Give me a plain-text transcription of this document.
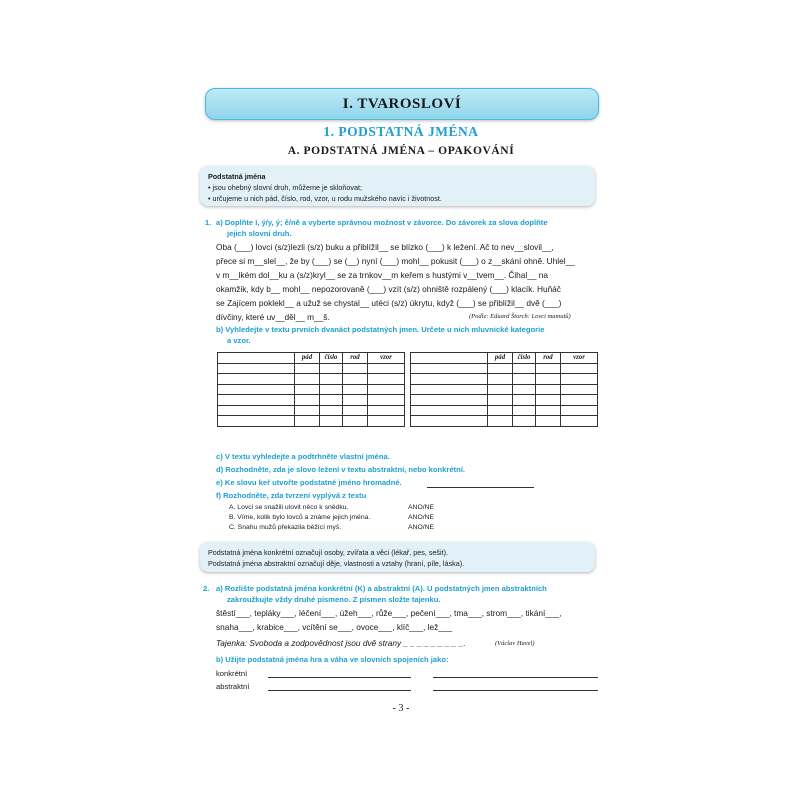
I. TVAROSLOVÍ
1. PODSTATNÁ JMÉNA
A. PODSTATNÁ JMÉNA – OPAKOVÁNÍ
Podstatná jména
• jsou ohebný slovní druh, můžeme je skloňovat;
• určujeme u nich pád, číslo, rod, vzor, u rodu mužského navíc i životnost.
1. a) Doplňte í, ý/y, ý; ě/ně a vyberte správnou možnost v závorce. Do závorek za slova doplňte
jejich slovní druh.
Oba (___) lovci (s/z)lezli (s/z) buku a přiblížil__ se blízko (___) k ležení. Ač to nev__slovil__,
přece si m__slel__, že by (___) se (__) nyní (___) mohl__ pokusit (___) o z__skání ohně. Uhlel__
v m__lkém dol__ku a (s/z)kryl__ se za trnkov__m keřem s hustými v__tvem__. Čihal__ na
okamžik, kdy b__ mohl__ nepozorovaně (___) vzít (s/z) ohniště rozpálený (___) klacík. Huňáč
se Zajícem poklekl__ a užuž se chystal__ utéci (s/z) úkrytu, když (___) se přiblížil__ dvě (___)
dívčiny, které uv__děl__ m__š.	(Podle: Eduard Štorch: Lovci mamutů)
b) Vyhledejte v textu prvních dvanáct podstatných jmen. Určete u nich mluvnické kategorie
a vzor.
	pád	číslo	rod	vzor

		pád	číslo	rod	vzor

c) V textu vyhledejte a podtrhněte vlastní jména.
d) Rozhodněte, zda je slovo ležení v textu abstraktní, nebo konkrétní.
e) Ke slovu keř utvořte podstatné jméno hromadné.
f) Rozhodněte, zda tvrzení vyplývá z textu
A. Lovci se snažili ulovit něco k snědku.	ANO/NE
B. Víme, kolik bylo lovců a známe jejich jména.	ANO/NE
C. Snahu mužů překazila běžící myš.	ANO/NE
Podstatná jména konkrétní označují osoby, zvířata a věci (lékař, pes, sešit).
Podstatná jména abstraktní označují děje, vlastnosti a vztahy (hraní, píle, láska).
2. a) Rozlište podstatná jména konkrétní (K) a abstraktní (A). U podstatných jmen abstraktních
zakroužkujte vždy druhé písmeno. Z písmen složte tajenku.
štěstí___, tepláky___, léčení___, úžeh___, růže___, pečení___, tma___, strom___, tikání___,
snaha___, krabice___, vcítění se___, ovoce___, klíč___, lež___
Tajenka: Svoboda a zodpovědnost jsou dvě strany _ _ _ _ _ _ _ _ _.	(Václav Havel)
b) Užijte podstatná jména hra a váha ve slovních spojeních jako:
konkrétní
abstraktní
- 3 -
